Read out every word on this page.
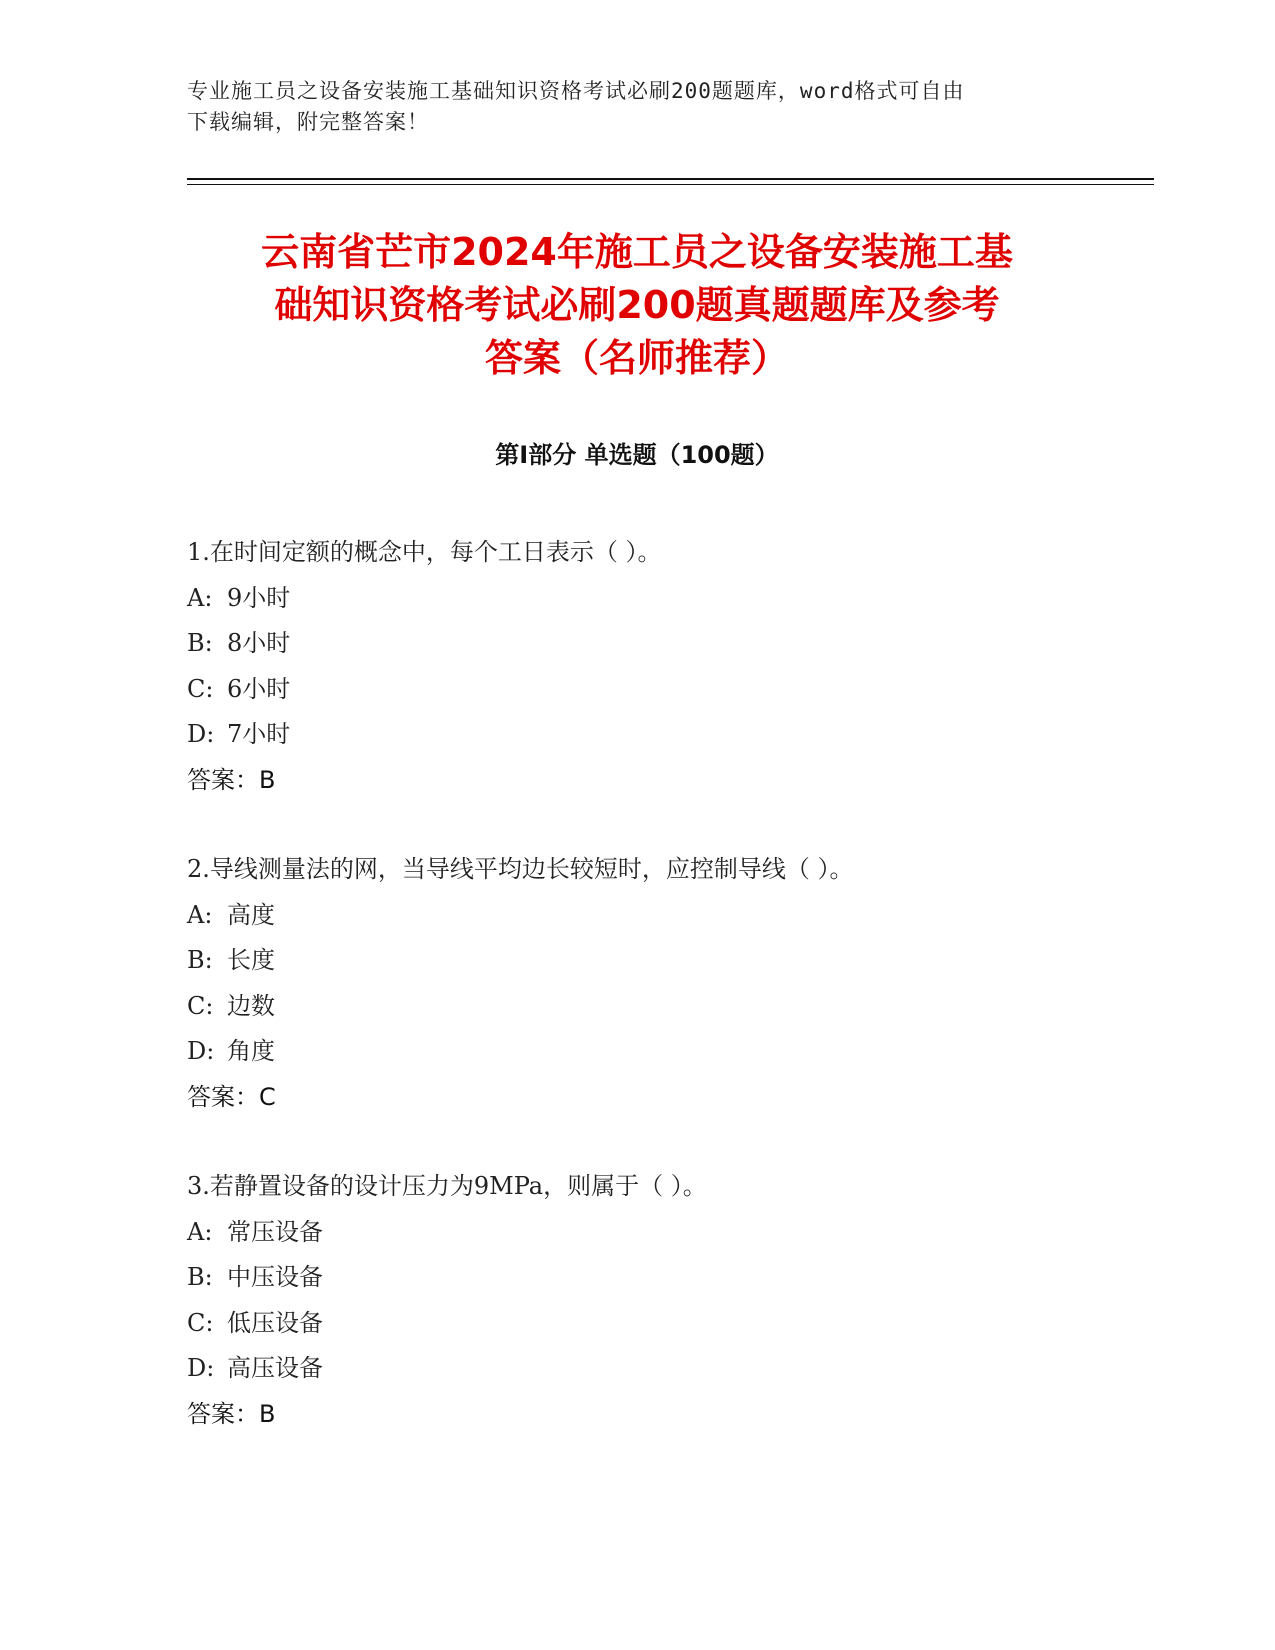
专业施工员之设备安装施工基础知识资格考试必刷200题题库，word格式可自由
下载编辑，附完整答案！
云南省芒市2024年施工员之设备安装施工基
础知识资格考试必刷200题真题题库及参考
答案（名师推荐）
第Ⅰ部分 单选题（100题）
1.在时间定额的概念中，每个工日表示（ ）。
A: 9小时
B: 8小时
C: 6小时
D: 7小时
答案：B
2.导线测量法的网，当导线平均边长较短时，应控制导线（ ）。
A: 高度
B: 长度
C: 边数
D: 角度
答案：C
3.若静置设备的设计压力为9MPa，则属于（ ）。
A: 常压设备
B: 中压设备
C: 低压设备
D: 高压设备
答案：B
